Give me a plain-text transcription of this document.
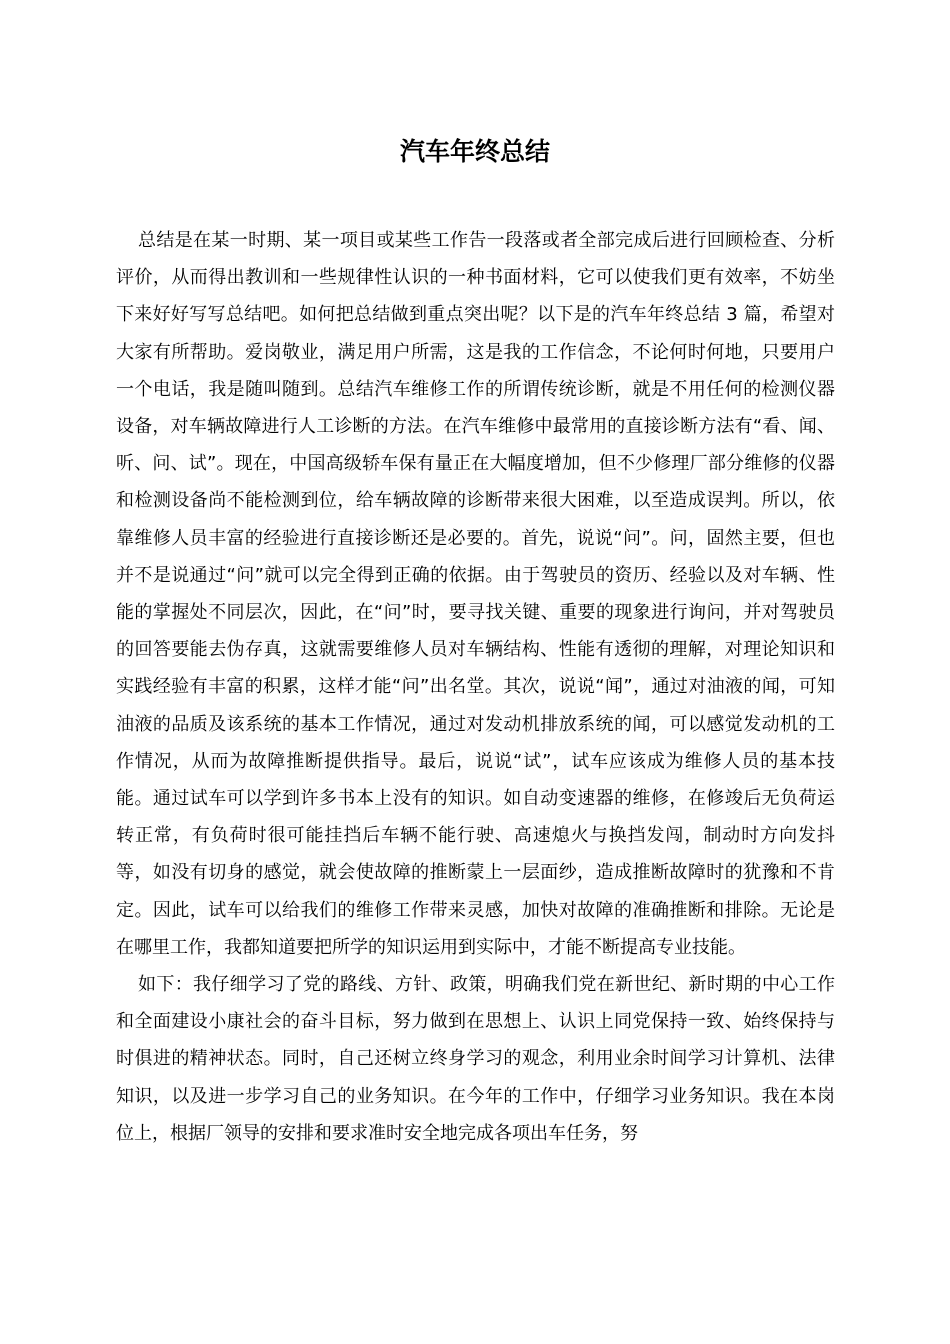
汽车年终总结

总结是在某一时期、某一项目或某些工作告一段落或者全部完成后进行回顾检查、分析评价，从而得出教训和一些规律性认识的一种书面材料，它可以使我们更有效率，不妨坐下来好好写写总结吧。如何把总结做到重点突出呢？以下是的汽车年终总结 3 篇，希望对大家有所帮助。爱岗敬业，满足用户所需，这是我的工作信念，不论何时何地，只要用户一个电话，我是随叫随到。总结汽车维修工作的所谓传统诊断，就是不用任何的检测仪器设备，对车辆故障进行人工诊断的方法。在汽车维修中最常用的直接诊断方法有“看、闻、听、问、试”。现在，中国高级轿车保有量正在大幅度增加，但不少修理厂部分维修的仪器和检测设备尚不能检测到位，给车辆故障的诊断带来很大困难，以至造成误判。所以，依靠维修人员丰富的经验进行直接诊断还是必要的。首先，说说“问”。问，固然主要，但也并不是说通过“问”就可以完全得到正确的依据。由于驾驶员的资历、经验以及对车辆、性能的掌握处不同层次，因此，在“问”时，要寻找关键、重要的现象进行询问，并对驾驶员的回答要能去伪存真，这就需要维修人员对车辆结构、性能有透彻的理解，对理论知识和实践经验有丰富的积累，这样才能“问”出名堂。其次，说说“闻”，通过对油液的闻，可知油液的品质及该系统的基本工作情况，通过对发动机排放系统的闻，可以感觉发动机的工作情况，从而为故障推断提供指导。最后，说说“试”，试车应该成为维修人员的基本技能。通过试车可以学到许多书本上没有的知识。如自动变速器的维修，在修竣后无负荷运转正常，有负荷时很可能挂挡后车辆不能行驶、高速熄火与换挡发闯，制动时方向发抖等，如没有切身的感觉，就会使故障的推断蒙上一层面纱，造成推断故障时的犹豫和不肯定。因此，试车可以给我们的维修工作带来灵感，加快对故障的准确推断和排除。无论是在哪里工作，我都知道要把所学的知识运用到实际中，才能不断提高专业技能。

如下：我仔细学习了党的路线、方针、政策，明确我们党在新世纪、新时期的中心工作和全面建设小康社会的奋斗目标，努力做到在思想上、认识上同党保持一致、始终保持与时俱进的精神状态。同时，自己还树立终身学习的观念，利用业余时间学习计算机、法律知识，以及进一步学习自己的业务知识。在今年的工作中，仔细学习业务知识。我在本岗位上，根据厂领导的安排和要求准时安全地完成各项出车任务，努
